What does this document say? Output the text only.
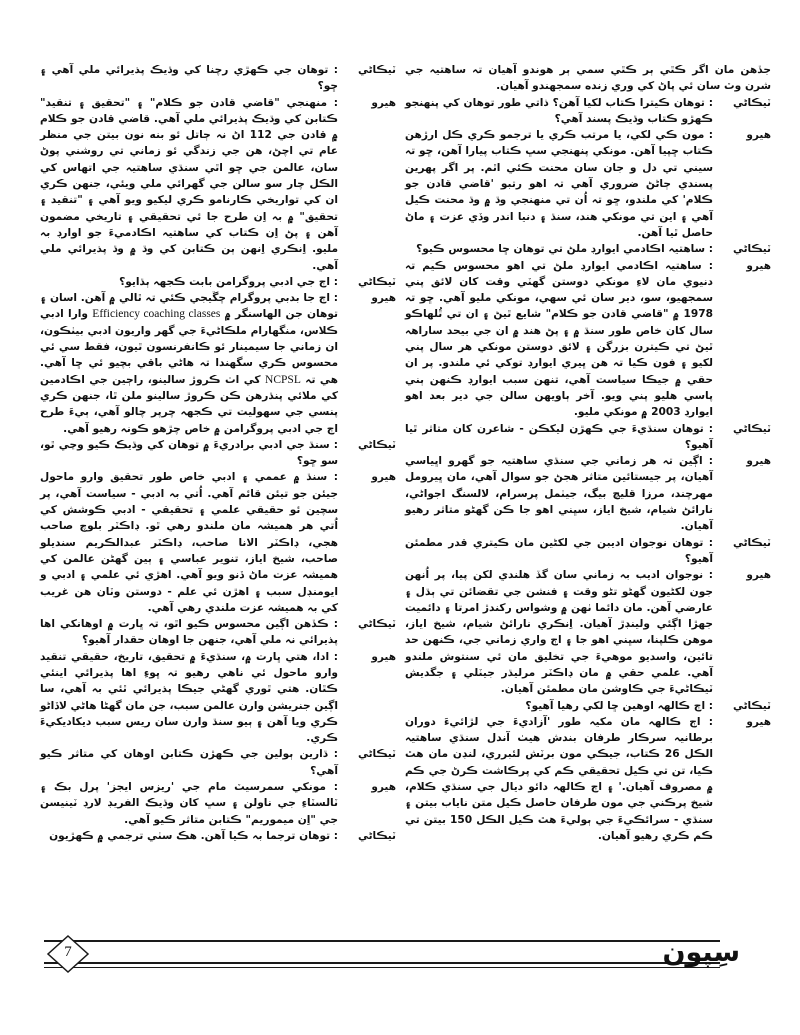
جڏهن مان اگر ڪٿي ٻر ڪٿي سمي ٻر هوندو آهيان تہ ساهتيہ جي شرن وٽ سان ئي پاڻ کي وري زنده سمجهندو آهيان.
ٽيڪاڻي
: توهان ڪيترا ڪتاب لکيا آهن؟ ذاتي طور توهان کي پنهنجو ڪهڙو ڪتاب وڌيڪ پسند آهي؟
هيرو
: مون ڪي لکي، يا مرتب ڪري يا ترجمو ڪري ڪل ارڙهن ڪتاب ڇپيا آهن. مونکي پنهنجي سڀ ڪتاب پيارا آهن، ڇو تہ سيني تي دل و جان سان محنت ڪئي اٿم. پر اگر پهرين پسندي ڄاڻڻ ضروري آهي تہ اهو رتبو 'قاضي قادن جو ڪلام' کي ملندو، ڇو تہ اُن تي منهنجي وڌ ۾ وڌ محنت ڪيل آهي ۽ اين تي مونکي هند، سنڌ ۽ دنيا اندر وڏي عزت ۽ ماڻ حاصل ٿيا آهن.
ٽيڪاڻي
: ساهتيہ اڪادمي ايوارڊ ملڻ تي توهان ڇا محسوس ڪيو؟
هيرو
: ساهتيہ اڪادمي ايوارڊ ملڻ تي اهو محسوس ڪيم تہ دنيوي مان لاءِ مونکي دوستن گهٽي وقت کان لائق پني سمجهيو، سو، دير سان ئي سهي، مونکي مليو آهي. ڇو تہ 1978 ۾ "قاضي قادن جو ڪلام" شايع ٿيڻ ۽ ان تي ٿُلهاڪو سال کان خاص طور سنڌ ۾ ۽ پڻ هند ۾ ان جي بيحد ساراهہ ٿيڻ تي ڪيترن بزرگن ۽ لائق دوستن مونکي هر سال پني لکيو ۽ فون ڪيا تہ هن ڀيري ايوارڊ توکي ئي ملندو. پر ان حقي ۾ جيڪا سياست آهي، تنهن سبب ايوارڊ ڪنهن ٻني پاسي هليو پني ويو. آخر ٻاويهن سالن جي دير بعد اهو ايوارڊ 2003 ۾ مونکي مليو.
ٽيڪاڻي
: توهان سنڌيءَ جي ڪهڙن ليکڪن - شاعرن کان متاثر ٿيا آهيو؟
هيرو
: اڳين تہ هر زماني جي سنڌي ساهتيہ جو گهرو اڀياسي آهيان، پر جيستائين متاثر هجڻ جو سوال آهي، مان ڀيرومل مهرچند، مرزا قليچ بيگ، جيٺمل پرسرام، لالسنگ اجواڻي، نارائڻ شيام، شيخ اياز، سڀني اهو جا ڪن گهڻو متاثر رهيو آهيان.
ٽيڪاڻي
: توهان نوجوان اديبن جي لکڻين مان ڪيتري قدر مطمئن آهيو؟
هيرو
: نوجوان اديب بہ زماني سان گڏ هلندي لکن پيا، پر اُنهن جون لکڻيون گهڻو تڻو وقت ۽ فنشن جي تقضائن تي ٻڌل ۽ عارضي آهن. مان دائما ٺهن ۾ وشواس رکندڙ امرتا ۽ دائميت جهڙا اڳئي ولينڊڙ آهيان. اِنڪري نارائڻ شيام، شيخ اياز، موهن ڪلپنا، سڀني اهو جا ۽ اڄ واري زماني جي، ڪنهن حد تائين، واسديو موهيءَ جي تخليق مان ئي سنتوش ملندو آهي. علمي حقي ۾ مان ڊاڪٽر مرليڌر جيٽلي ۽ جگديش ٽيڪاڻيءَ جي ڪاوشن مان مطمئن آهيان.
ٽيڪاڻي
: اڄ ڪالهہ اوهين ڇا لکي رهيا آهيو؟
هيرو
: اڄ ڪالهہ مان مکيہ طور 'آزاديءَ جي لڙائيءَ دوران برطانيہ سرڪار طرفان بندش هيٺ آندل سنڌي ساهتيہ الڪل 26 ڪتاب، جيڪي مون برٽش لئبرري، لنڊن مان هٿ ڪيا، تن تي ڪيل تحقيقي ڪم کي پرڪاشت ڪرڻ جي ڪم ۾ مصروف آهيان.' ۽ اڄ ڪالهہ دائو ديال جي سنڌي ڪلام، شيخ پرڪني جي مون طرفان حاصل ڪيل متن ناياب بيتن ۽ سنڌي - سرائڪيءَ جي ٻوليءَ هٿ ڪيل الڪل 150 بيتن تي ڪم ڪري رهيو آهيان.
ٽيڪاڻي
: توهان جي ڪهڙي رچنا کي وڌيڪ پذيرائي ملي آهي ۽ ڇو؟
هيرو
: منهنجي "قاضي قادن جو ڪلام" ۽ "تحقيق ۽ تنقيد" ڪتابن کي وڌيڪ پذيرائي ملي آهي. قاضي قادن جو ڪلام ۾ قادن جي 112 اڻ نہ ڄاتل ئو بنه نون بيتن جي منظر عام تي اچڻ، هن جي زندگي ئو زماني تي روشني پوڻ سان، عالمن جي ڇو اٿي سنڌي ساهتيہ جي اتهاس کي الڪل چار سو سالن جي گهرائي ملي ويئي، جنهن ڪري ان کي تواريخي ڪارنامو ڪري ليکيو ويو آهي ۽ "تنقيد ۽ تحقيق" ۾ بہ اِن طرح جا ئي تحقيقي ۽ تاريخي مضمون آهن ۽ پڻ اِن ڪتاب کي ساهتيہ اڪادميءَ جو اوارڊ بہ مليو. اِنڪري اِنهن ٻن ڪتابن کي وڌ ۾ وڌ پذيرائي ملي آهي.
ٽيڪاڻي
: اڄ جي ادبي پروگرامن بابت ڪجهہ ٻڌايو؟
هيرو
: اڄ جا بدبي پروگرام چڱيجي ڪئي تہ ٿالي ۾ آهن. اسان ۽ توهان جن الهاسنگر ۾ Efficiency coaching classes وارا ادبي ڪلاس، منگهارام ملڪاڻيءَ جي گهر واريون ادبي بيٺڪون، ان زماني جا سيمينار ئو ڪانفرنسون ٿيون، فقط سي ئي محسوس ڪري سگهندا تہ هاڻي باقي بچيو ئي ڇا آهي. هي تہ NCPSL کي اٺ ڪروڙ سالينو، راڄين جي اڪادمين کي ملائي پنڌرهن ڪن ڪروڙ سالينو ملن ٿا، جنهن ڪري پنسي جي سهوليت تي ڪجهہ چرپر چالو آهي، ٻيءَ طرح اڄ جي ادبي پروگرامن ۾ خاص چڙهو ڪونہ رهيو آهي.
ٽيڪاڻي
: سنڌ جي ادبي برادريءَ ۾ توهان کي وڌيڪ ڪيو وڃي ٿو، سو ڇو؟
هيرو
: سنڌ ۾ عممي ۽ ادبي خاص طور تحقيق وارو ماحول جيئن جو تيئن قائم آهي. اُتي بہ ادبي - سياست آهي، پر سچين ئو حقيقي علمي ۽ تحقيقي - ادبي ڪوشش کي اُتي هر هميشہ مان ملندو رهي ٿو. ڊاڪٽر بلوچ صاحب هجي، ڊاڪٽر الانا صاحب، ڊاڪٽر عبدالڪريم سنديلو صاحب، شيخ اياز، تنوير عباسي ۽ ٻين گهڻن عالمن کي هميشہ عزت ماڻ ڏنو ويو آهي. اهڙي ئي علمي ۽ ادبي و ايومنڊل سبب ۽ اهڙن ئي علم - دوستن وٽان هن غريب کي بہ هميشہ عزت ملندي رهي آهي.
ٽيڪاڻي
: ڪڏهن اڳين محسوس ڪيو اٿو، تہ ڀارت ۾ اوهانکي اها پذيرائي نہ ملي آهي، جنهن جا اوهان حقدار آهيو؟
هيرو
: ادا، هتي ڀارت ۾، سنڌيءَ ۾ تحقيق، تاريخ، حقيقي تنقيد وارو ماحول ئي ناهي رهيو تہ ڀوءِ اها پذيرائي اينئي ڪٿان. هتي ٿوري گهڻي جيڪا پذيرائي ٿئي بہ آهي، سا اڳين جنريشن وارن عالمن سبب، جن مان گهڻا هاڻي لاڏاڻو ڪري ويا آهن ۽ ٻيو سنڌ وارن سان ريس سبب ديکاديکيءَ ڪري.
ٽيڪاڻي
: ڌارين ٻولين جي ڪهڙن ڪتابن اوهان کي متاثر ڪيو آهي؟
هيرو
: مونکي سمرسيٽ مام جي 'ريزس ايجز' پرل بڪ ۽ ٽالسٽاءِ جي ناولن ۽ سڀ کان وڌيڪ الفريڊ لارڊ ٽينيسن جي "اِن ميموريم" ڪتابن متاثر ڪيو آهي.
ٽيڪاڻي
: توهان ترجما بہ ڪيا آهن. هڪ سٺي ترجمي ۾ ڪهڙيون
7	سِپون
